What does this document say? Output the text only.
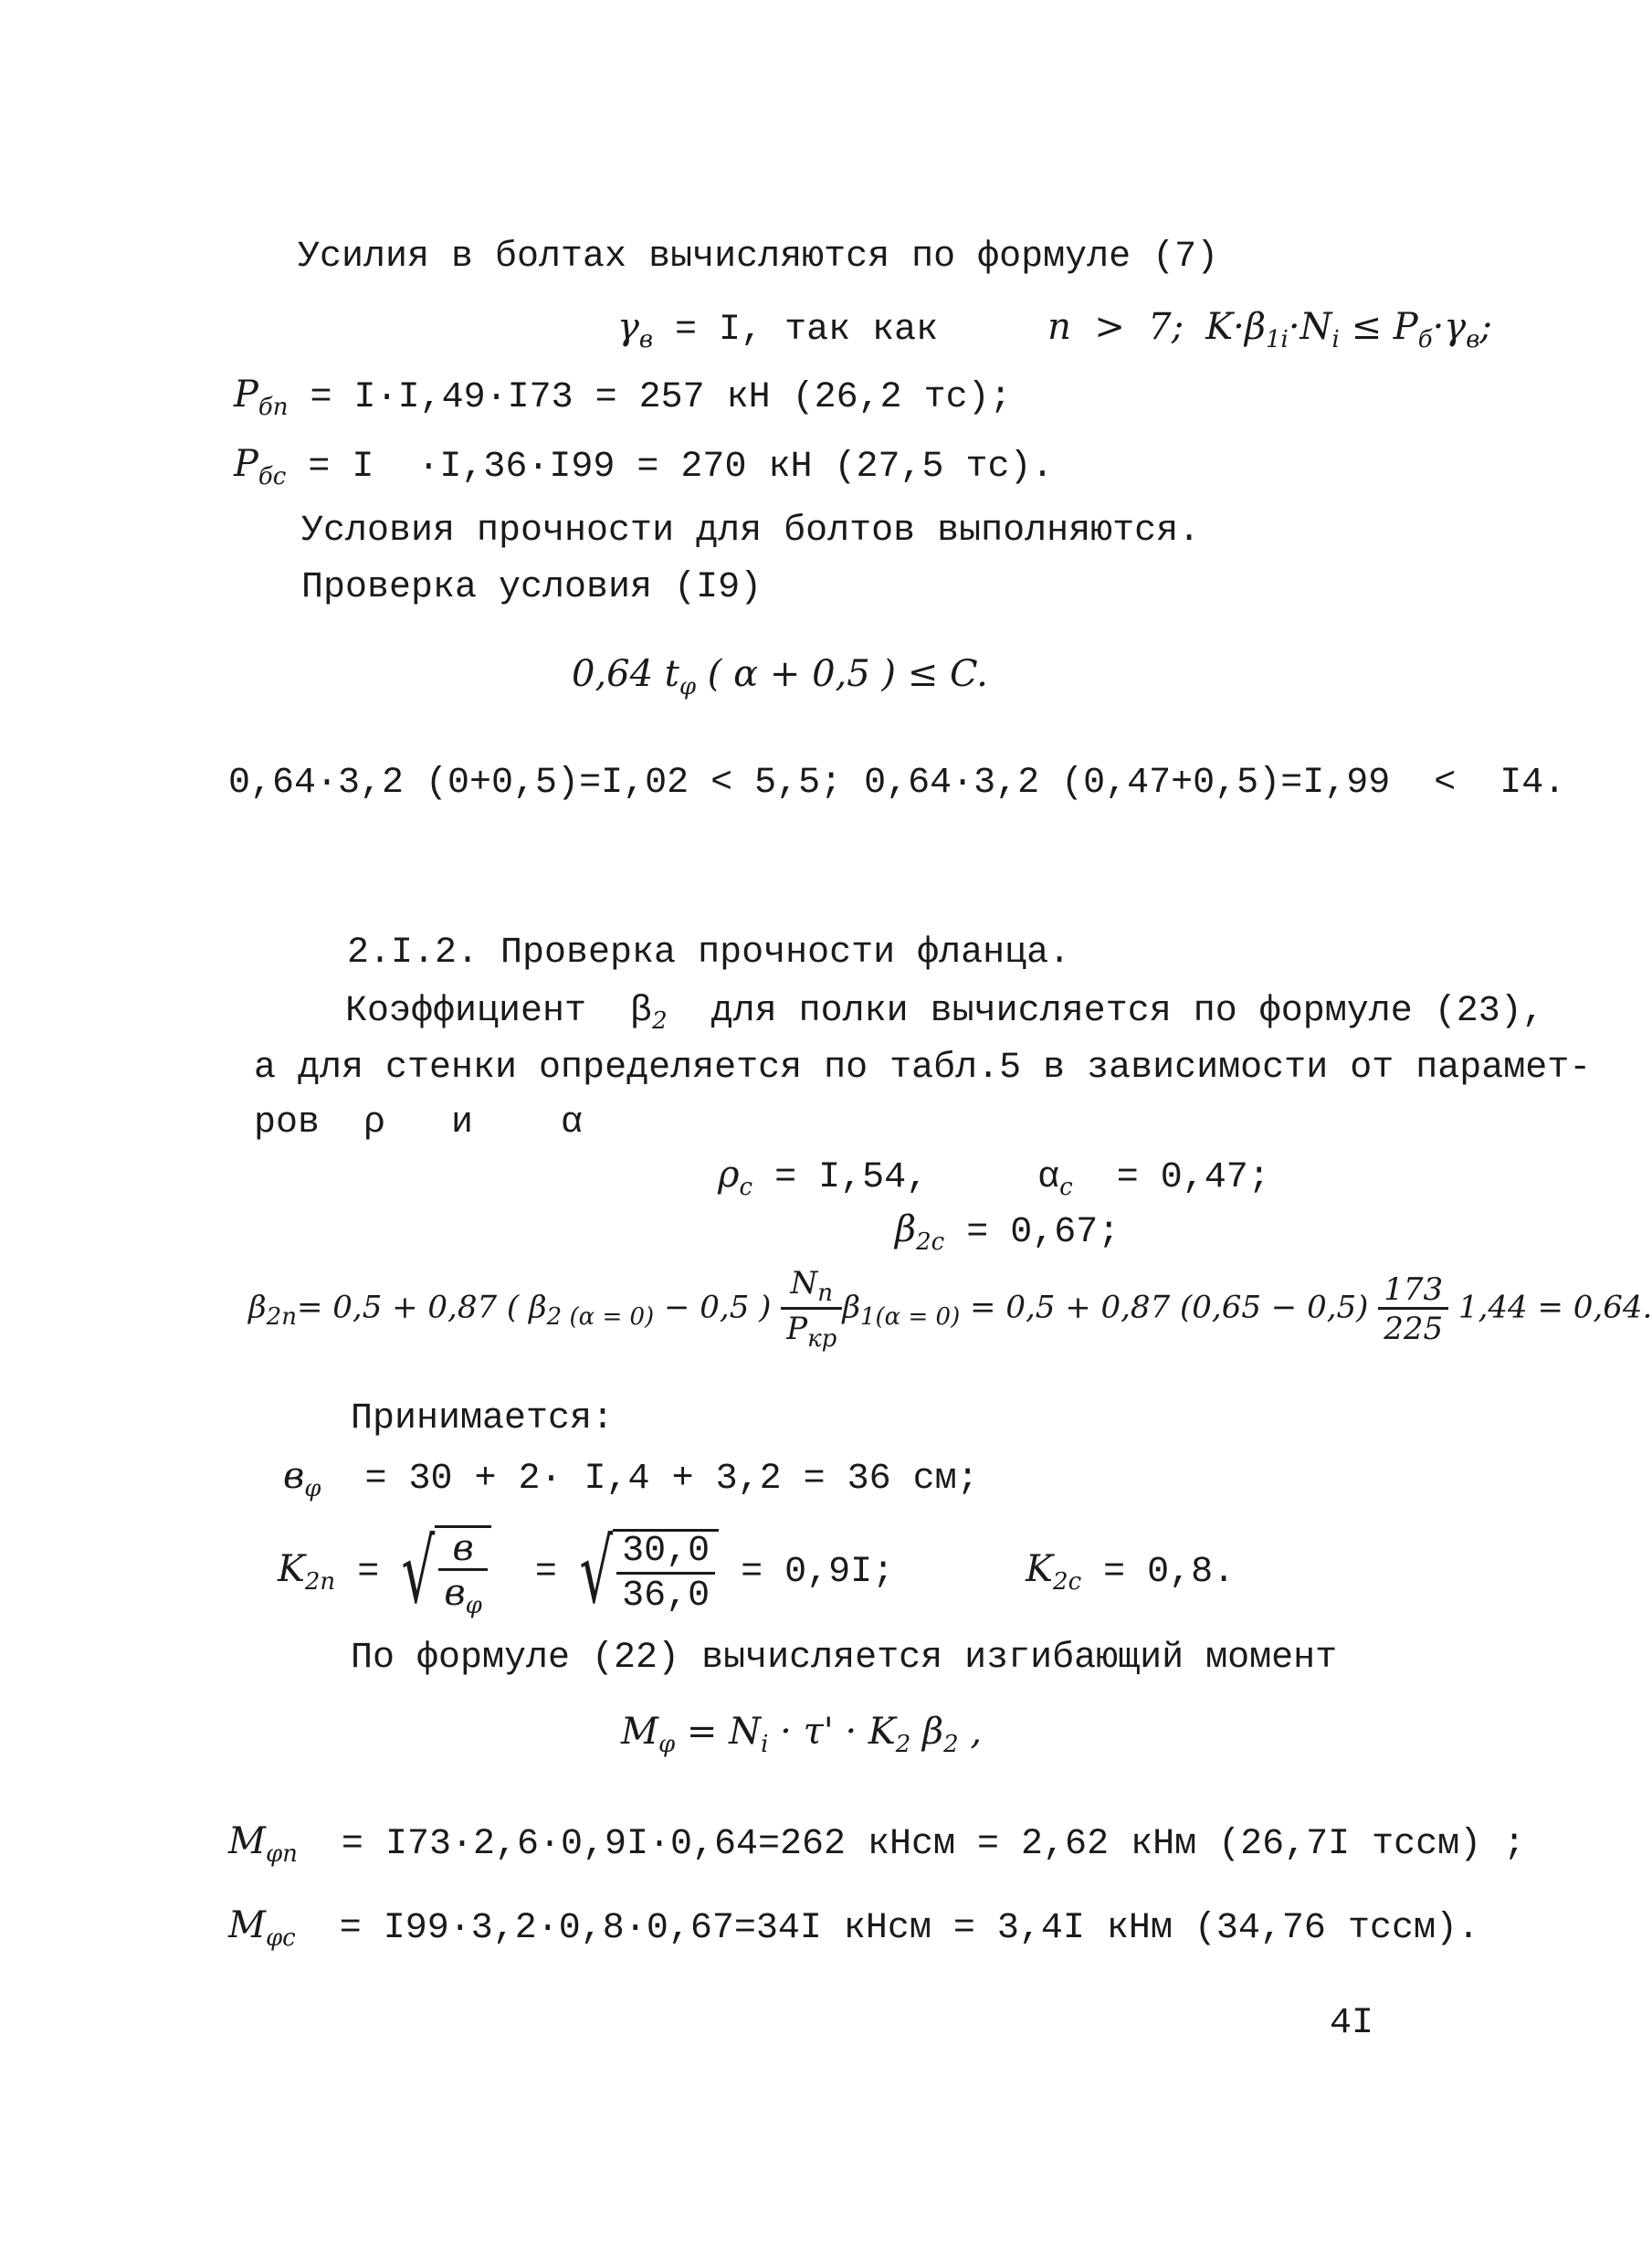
Усилия в болтах вычисляются по формуле (7)
$\gamma_в = I$, так как	n  >  7; $K\cdot\beta_{1i}\cdot N_i \le P_б\cdot\gamma_в$;
$P_{бп} = I\cdot I,49\cdot I73 = 257$ кН (26,2 тс);
$P_{бс} = I \cdot I,36\cdot I99 = 270$ кН (27,5 тс).
Условия прочности для болтов выполняются.
Проверка условия (I9)
0,64 $t_\varphi$ ( α + 0,5 ) ≤ C.
0,64·3,2 (0+0,5)=I,02 < 5,5; 0,64·3,2 (0,47+0,5)=I,99  <  I4.
2.I.2. Проверка прочности фланца.
Коэффициент  $\beta_2$  для полки вычисляется по формуле (23),
а для стенки определяется по табл.5 в зависимости от парамет-
ров  ρ   и    α
$\rho_с = I,54$,     $\alpha_с = 0,47$;
$\beta_{2с} = 0,67$;
$\beta_{2п}= 0,5 + 0,87$ ( $\beta_{2 (\alpha = 0)} - 0,5$ ) $\frac{N_п}{P_{кр}} \beta_{1(\alpha = 0)} = 0,5 + 0,87$ $(0,65 - 0,5) \frac{173}{225} 1,44 = 0,64$.
Принимается:
$в_\varphi = 30 + 2\cdot I,4 + 3,2 = 36$ см;
$K_{2п}$ = √ $\frac{в}{в_\varphi}$ = √ $\frac{30,0}{36,0} = 0,9I$;	$K_{2с} = 0,8$.
По формуле (22) вычисляется изгибающий момент
$M_\varphi = N_i \cdot \tau' \cdot K_2$ $\beta_2$ ,
$M_{\varphi п} = I73\cdot 2,6\cdot 0,9I\cdot 0,64=262$ кНсм = 2,62 кНм (26,7I тссм) ;
$M_{\varphi с} = I99\cdot 3,2\cdot 0,8\cdot 0,67=34I$ кНсм = 3,4I кНм (34,76 тссм).
4I
